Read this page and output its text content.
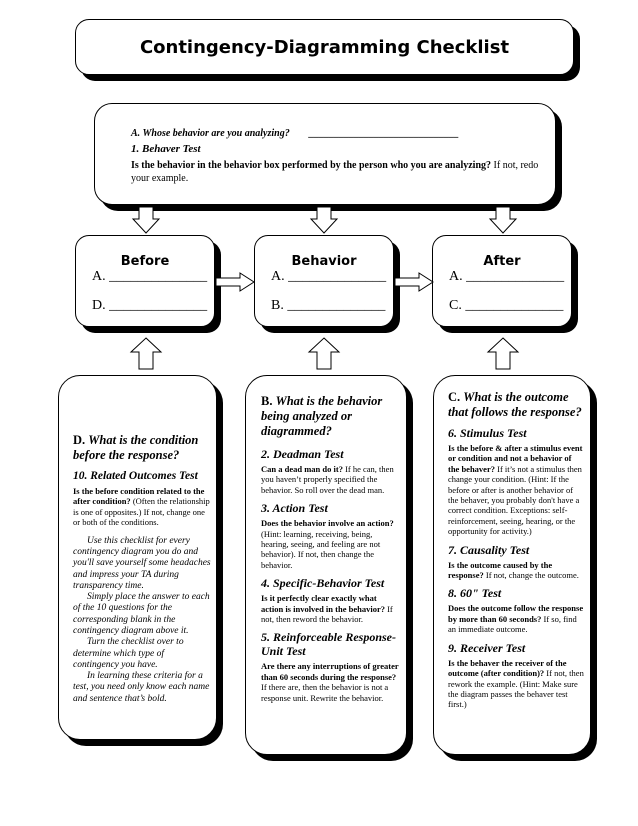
Contingency-Diagramming Checklist
A. Whose behavior are you analyzing? ______________________________
1. Behaver Test

Is the behavior in the behavior box performed by the person who you are analyzing? If not, redo your example.

Before
A. ______________
D. ______________
Behavior
A. ______________
B. ______________
After
A. ______________
C. ______________

D. What is the condition before the response?

10. Related Outcomes Test

Is the before condition related to the after condition? (Often the relationship is one of opposites.) If not, change one or both of the conditions.

Use this checklist for every contingency diagram you do and you'll save yourself some headaches and impress your TA during transparency time.

Simply place the answer to each of the 10 questions for the corresponding blank in the contingency diagram above it.

Turn the checklist over to determine which type of contingency you have.

In learning these criteria for a test, you need only know each name and sentence that’s bold.

B. What is the behavior being analyzed or diagrammed?

2. Deadman Test

Can a dead man do it? If he can, then you haven’t properly specified the behavior. So roll over the dead man.

3. Action Test

Does the behavior involve an action? (Hint: learning, receiving, being, hearing, seeing, and feeling are not behavior). If not, then change the behavior.

4. Specific-Behavior Test

Is it perfectly clear exactly what action is involved in the behavior? If not, then reword the behavior.

5. Reinforceable Response-Unit Test

Are there any interruptions of greater than 60 seconds during the response? If there are, then the behavior is not a response unit. Rewrite the behavior.

C. What is the outcome that follows the response?

6. Stimulus Test

Is the before & after a stimulus event or condition and not a behavior of the behaver? If it’s not a stimulus then change your condition. (Hint: If the before or after is another behavior of the behaver, you probably don't have a correct condition. Exceptions: self-reinforcement, seeing, hearing, or the opportunity for activity.)

7. Causality Test

Is the outcome caused by the response? If not, change the outcome.

8. 60" Test

Does the outcome follow the response by more than 60 seconds? If so, find an immediate outcome.

9. Receiver Test

Is the behaver the receiver of the outcome (after condition)? If not, then rework the example. (Hint: Make sure the diagram passes the behaver test first.)
